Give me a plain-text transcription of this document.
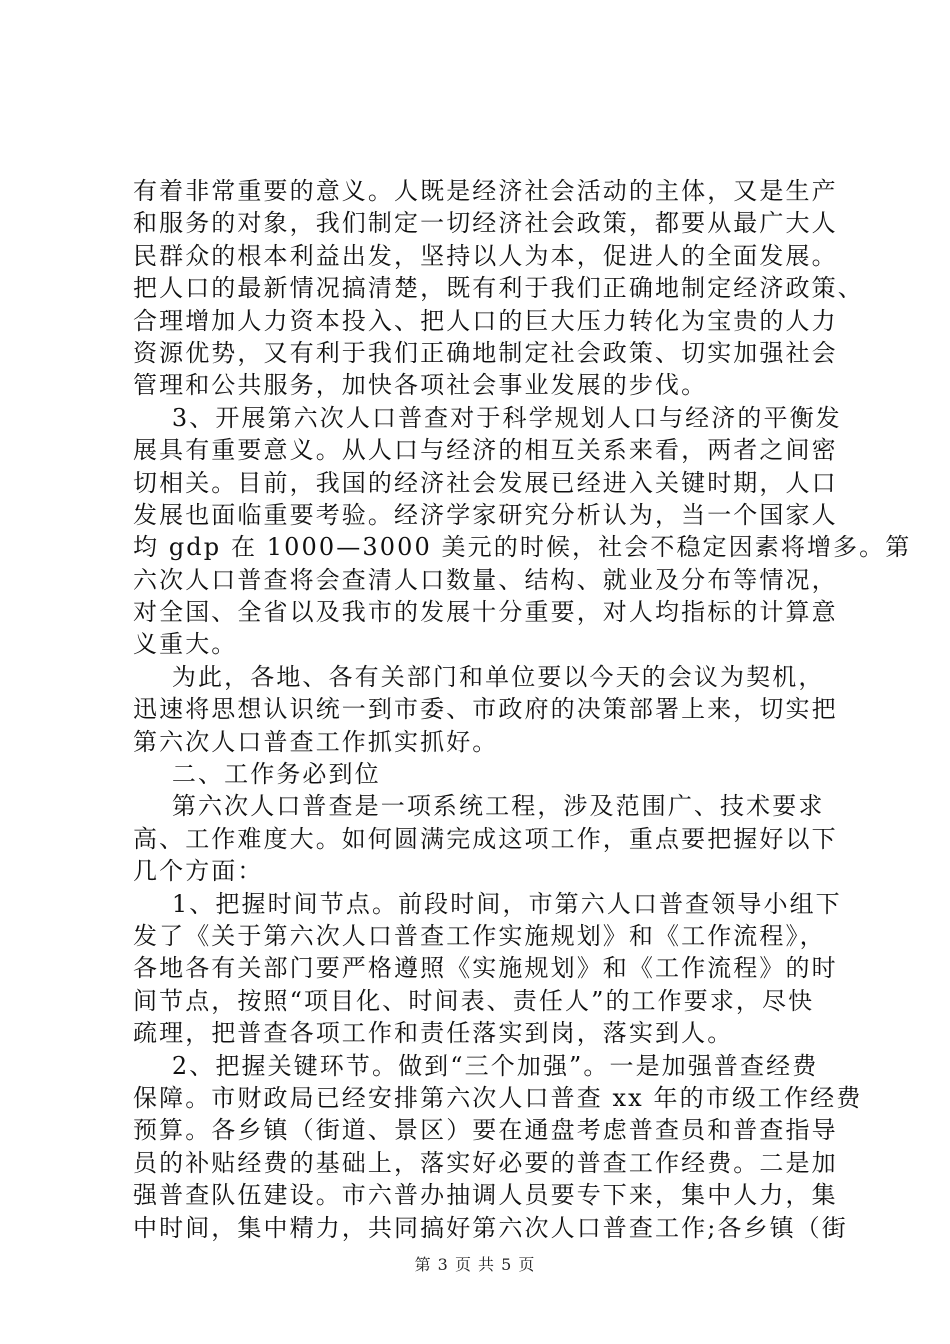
有着非常重要的意义。人既是经济社会活动的主体，又是生产
和服务的对象，我们制定一切经济社会政策，都要从最广大人
民群众的根本利益出发，坚持以人为本，促进人的全面发展。
把人口的最新情况搞清楚，既有利于我们正确地制定经济政策、
合理增加人力资本投入、把人口的巨大压力转化为宝贵的人力
资源优势，又有利于我们正确地制定社会政策、切实加强社会
管理和公共服务，加快各项社会事业发展的步伐。
3、开展第六次人口普查对于科学规划人口与经济的平衡发
展具有重要意义。从人口与经济的相互关系来看，两者之间密
切相关。目前，我国的经济社会发展已经进入关键时期，人口
发展也面临重要考验。经济学家研究分析认为，当一个国家人
均 gdp 在 1000—3000 美元的时候，社会不稳定因素将增多。第
六次人口普查将会查清人口数量、结构、就业及分布等情况，
对全国、全省以及我市的发展十分重要，对人均指标的计算意
义重大。
为此，各地、各有关部门和单位要以今天的会议为契机，
迅速将思想认识统一到市委、市政府的决策部署上来，切实把
第六次人口普查工作抓实抓好。
二、工作务必到位
第六次人口普查是一项系统工程，涉及范围广、技术要求
高、工作难度大。如何圆满完成这项工作，重点要把握好以下
几个方面：
1、把握时间节点。前段时间，市第六人口普查领导小组下
发了《关于第六次人口普查工作实施规划》和《工作流程》，
各地各有关部门要严格遵照《实施规划》和《工作流程》的时
间节点，按照“项目化、时间表、责任人”的工作要求，尽快
疏理，把普查各项工作和责任落实到岗，落实到人。
2、把握关键环节。做到“三个加强”。一是加强普查经费
保障。市财政局已经安排第六次人口普查 xx 年的市级工作经费
预算。各乡镇（街道、景区）要在通盘考虑普查员和普查指导
员的补贴经费的基础上，落实好必要的普查工作经费。二是加
强普查队伍建设。市六普办抽调人员要专下来，集中人力，集
中时间，集中精力，共同搞好第六次人口普查工作;各乡镇（街
第 3 页 共 5 页
